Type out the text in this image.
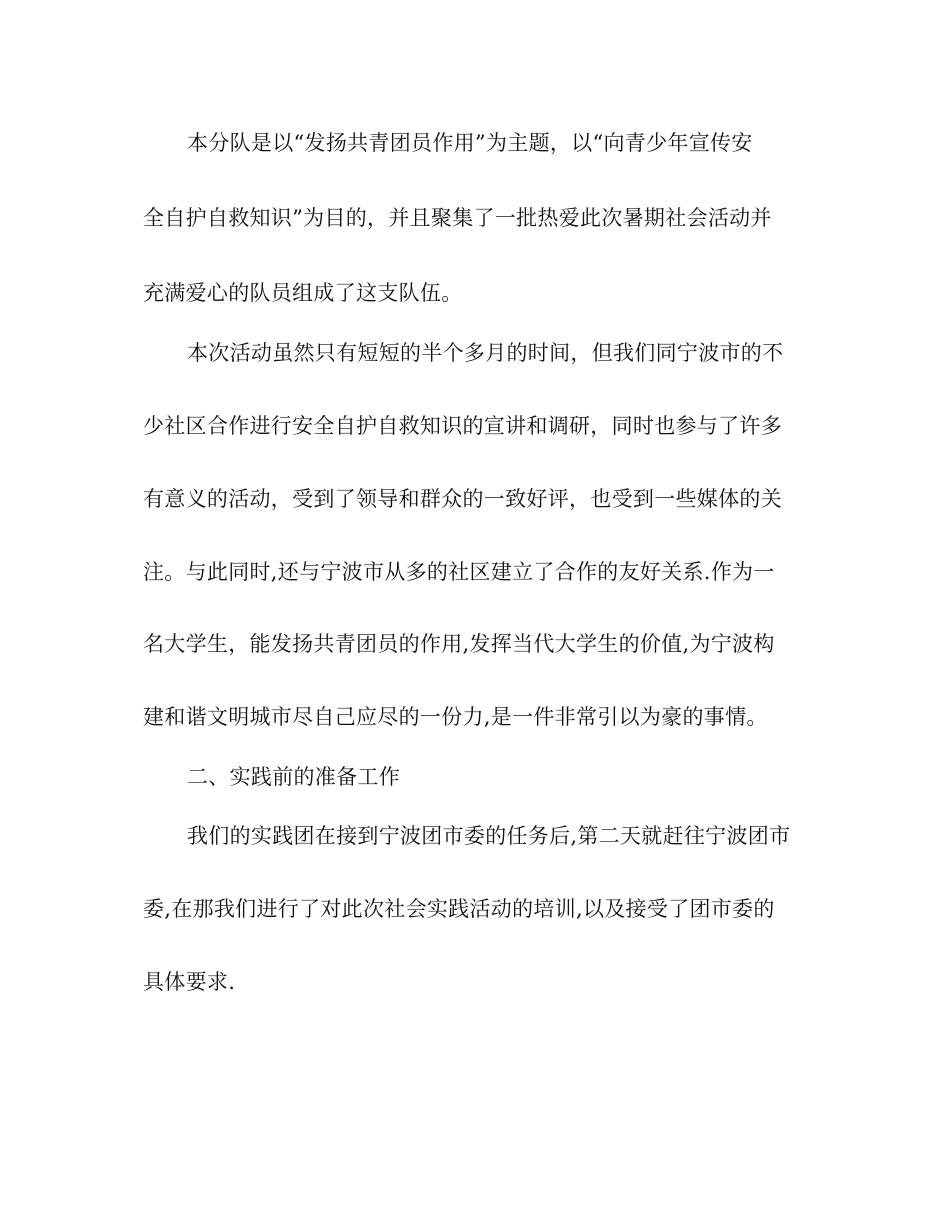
本分队是以“发扬共青团员作用”为主题，以“向青少年宣传安
全自护自救知识”为目的，并且聚集了一批热爱此次暑期社会活动并
充满爱心的队员组成了这支队伍。
本次活动虽然只有短短的半个多月的时间，但我们同宁波市的不
少社区合作进行安全自护自救知识的宣讲和调研，同时也参与了许多
有意义的活动，受到了领导和群众的一致好评，也受到一些媒体的关
注。与此同时,还与宁波市从多的社区建立了合作的友好关系.作为一
名大学生，能发扬共青团员的作用,发挥当代大学生的价值,为宁波构
建和谐文明城市尽自己应尽的一份力,是一件非常引以为豪的事情。
二、实践前的准备工作
我们的实践团在接到宁波团市委的任务后,第二天就赶往宁波团市
委,在那我们进行了对此次社会实践活动的培训,以及接受了团市委的
具体要求.
